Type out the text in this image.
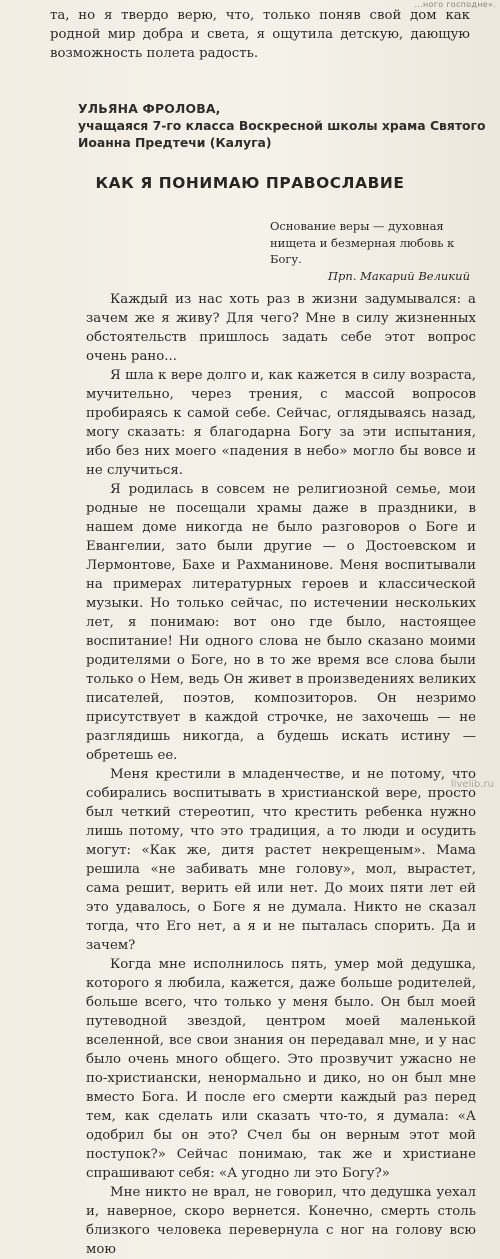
...ного господне».

та, но я твердо верю, что, только поняв свой дом как родной мир добра и света, я ощутила детскую, дающую возможность полета радость.

УЛЬЯНА ФРОЛОВА,
учащаяся 7-го класса Воскресной школы храма Святого Иоанна Предтечи (Калуга)
КАК Я ПОНИМАЮ ПРАВОСЛАВИЕ
Основание веры — духовная нищета и безмерная любовь к Богу.
Прп. Макарий Великий

Каждый из нас хоть раз в жизни задумывался: а зачем же я живу? Для чего? Мне в силу жизненных обстоятельств пришлось задать себе этот вопрос очень рано...

Я шла к вере долго и, как кажется в силу возраста, мучительно, через трения, с массой вопросов пробираясь к самой себе. Сейчас, оглядываясь назад, могу сказать: я благодарна Богу за эти испытания, ибо без них моего «падения в небо» могло бы вовсе и не случиться.

Я родилась в совсем не религиозной семье, мои родные не посещали храмы даже в праздники, в нашем доме никогда не было разговоров о Боге и Евангелии, зато были другие — о Достоевском и Лермонтове, Бахе и Рахманинове. Меня воспитывали на примерах литературных героев и классической музыки. Но только сейчас, по истечении нескольких лет, я понимаю: вот оно где было, настоящее воспитание! Ни одного слова не было сказано моими родителями о Боге, но в то же время все слова были только о Нем, ведь Он живет в произведениях великих писателей, поэтов, композиторов. Он незримо присутствует в каждой строчке, не захочешь — не разглядишь никогда, а будешь искать истину — обретешь ее.

Меня крестили в младенчестве, и не потому, что собирались воспитывать в христианской вере, просто был четкий стереотип, что крестить ребенка нужно лишь потому, что это традиция, а то люди и осудить могут: «Как же, дитя растет некрещеным». Мама решила «не забивать мне голову», мол, вырастет, сама решит, верить ей или нет. До моих пяти лет ей это удавалось, о Боге я не думала. Никто не сказал тогда, что Его нет, а я и не пыталась спорить. Да и зачем?

Когда мне исполнилось пять, умер мой дедушка, которого я любила, кажется, даже больше родителей, больше всего, что только у меня было. Он был моей путеводной звездой, центром моей маленькой вселенной, все свои знания он передавал мне, и у нас было очень много общего. Это прозвучит ужасно не по-христиански, ненормально и дико, но он был мне вместо Бога. И после его смерти каждый раз перед тем, как сделать или сказать что-то, я думала: «А одобрил бы он это? Счел бы он верным этот мой поступок?» Сейчас понимаю, так же и христиане спрашивают себя: «А угодно ли это Богу?»

Мне никто не врал, не говорил, что дедушка уехал и, наверное, скоро вернется. Конечно, смерть столь близкого человека перевернула с ног на голову всю мою

livelib.ru
